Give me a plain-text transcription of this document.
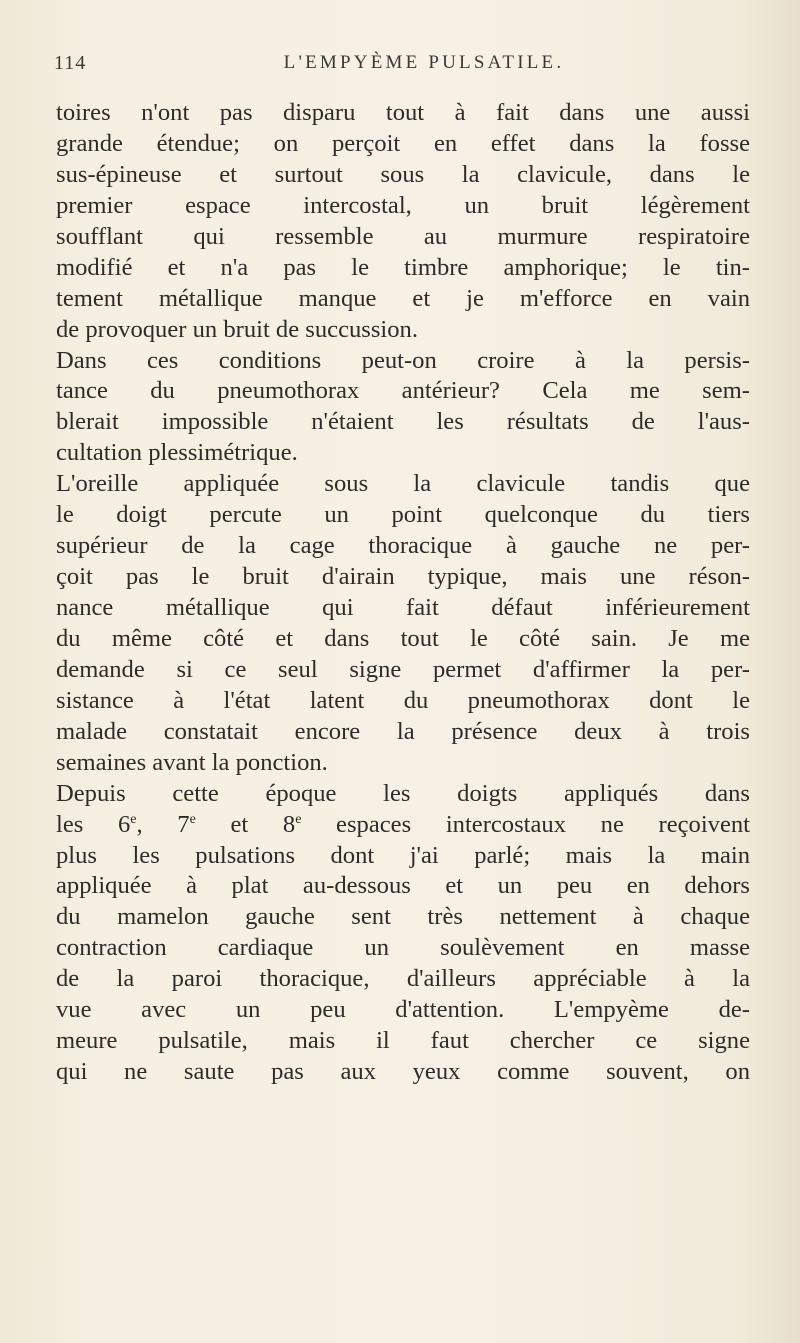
114	L'EMPYÈME PULSATILE.
toires n'ont pas disparu tout à fait dans une aussi
grande étendue; on perçoit en effet dans la fosse
sus-épineuse et surtout sous la clavicule, dans le
premier espace intercostal, un bruit légèrement
soufflant qui ressemble au murmure respiratoire
modifié et n'a pas le timbre amphorique; le tin-
tement métallique manque et je m'efforce en vain
de provoquer un bruit de succussion.
Dans ces conditions peut-on croire à la persis-
tance du pneumothorax antérieur? Cela me sem-
blerait impossible n'étaient les résultats de l'aus-
cultation plessimétrique.
L'oreille appliquée sous la clavicule tandis que
le doigt percute un point quelconque du tiers
supérieur de la cage thoracique à gauche ne per-
çoit pas le bruit d'airain typique, mais une réson-
nance métallique qui fait défaut inférieurement
du même côté et dans tout le côté sain. Je me
demande si ce seul signe permet d'affirmer la per-
sistance à l'état latent du pneumothorax dont le
malade constatait encore la présence deux à trois
semaines avant la ponction.
Depuis cette époque les doigts appliqués dans
les 6e, 7e et 8e espaces intercostaux ne reçoivent
plus les pulsations dont j'ai parlé; mais la main
appliquée à plat au-dessous et un peu en dehors
du mamelon gauche sent très nettement à chaque
contraction cardiaque un soulèvement en masse
de la paroi thoracique, d'ailleurs appréciable à la
vue avec un peu d'attention. L'empyème de-
meure pulsatile, mais il faut chercher ce signe
qui ne saute pas aux yeux comme souvent, on
